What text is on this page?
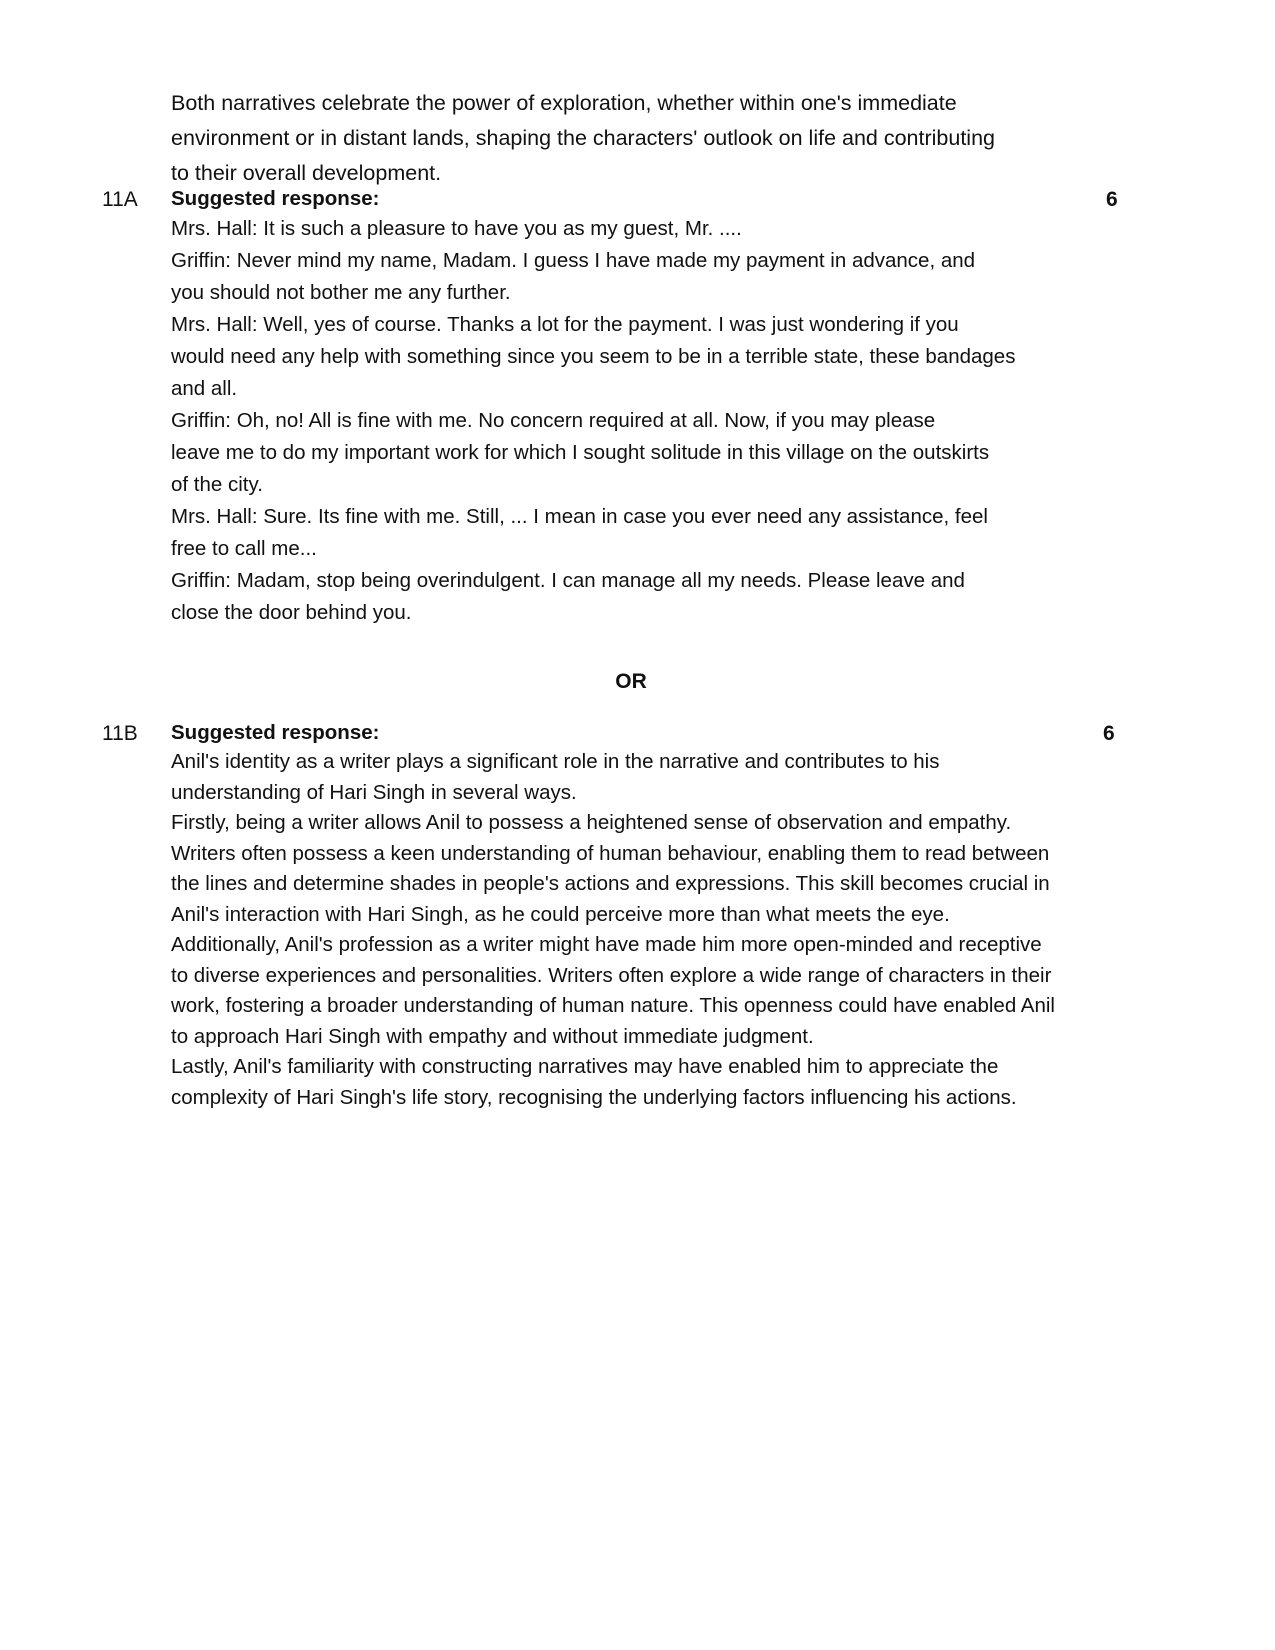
Both narratives celebrate the power of exploration, whether within one's immediate
environment or in distant lands, shaping the characters' outlook on life and contributing
to their overall development.
11A	6
Suggested response:
Mrs. Hall: It is such a pleasure to have you as my guest, Mr. ....
Griffin: Never mind my name, Madam. I guess I have made my payment in advance, and
you should not bother me any further.
Mrs. Hall: Well, yes of course. Thanks a lot for the payment. I was just wondering if you
would need any help with something since you seem to be in a terrible state, these bandages
and all.
Griffin: Oh, no! All is fine with me. No concern required at all. Now, if you may please
leave me to do my important work for which I sought solitude in this village on the outskirts
of the city.
Mrs. Hall: Sure. Its fine with me. Still, ... I mean in case you ever need any assistance, feel
free to call me...
Griffin: Madam, stop being overindulgent. I can manage all my needs. Please leave and
close the door behind you.
OR
11B	6
Suggested response:
Anil's identity as a writer plays a significant role in the narrative and contributes to his
understanding of Hari Singh in several ways.
Firstly, being a writer allows Anil to possess a heightened sense of observation and empathy.
Writers often possess a keen understanding of human behaviour, enabling them to read between
the lines and determine shades in people's actions and expressions. This skill becomes crucial in
Anil's interaction with Hari Singh, as he could perceive more than what meets the eye.
Additionally, Anil's profession as a writer might have made him more open-minded and receptive
to diverse experiences and personalities. Writers often explore a wide range of characters in their
work, fostering a broader understanding of human nature. This openness could have enabled Anil
to approach Hari Singh with empathy and without immediate judgment.
Lastly, Anil's familiarity with constructing narratives may have enabled him to appreciate the
complexity of Hari Singh's life story, recognising the underlying factors influencing his actions.
